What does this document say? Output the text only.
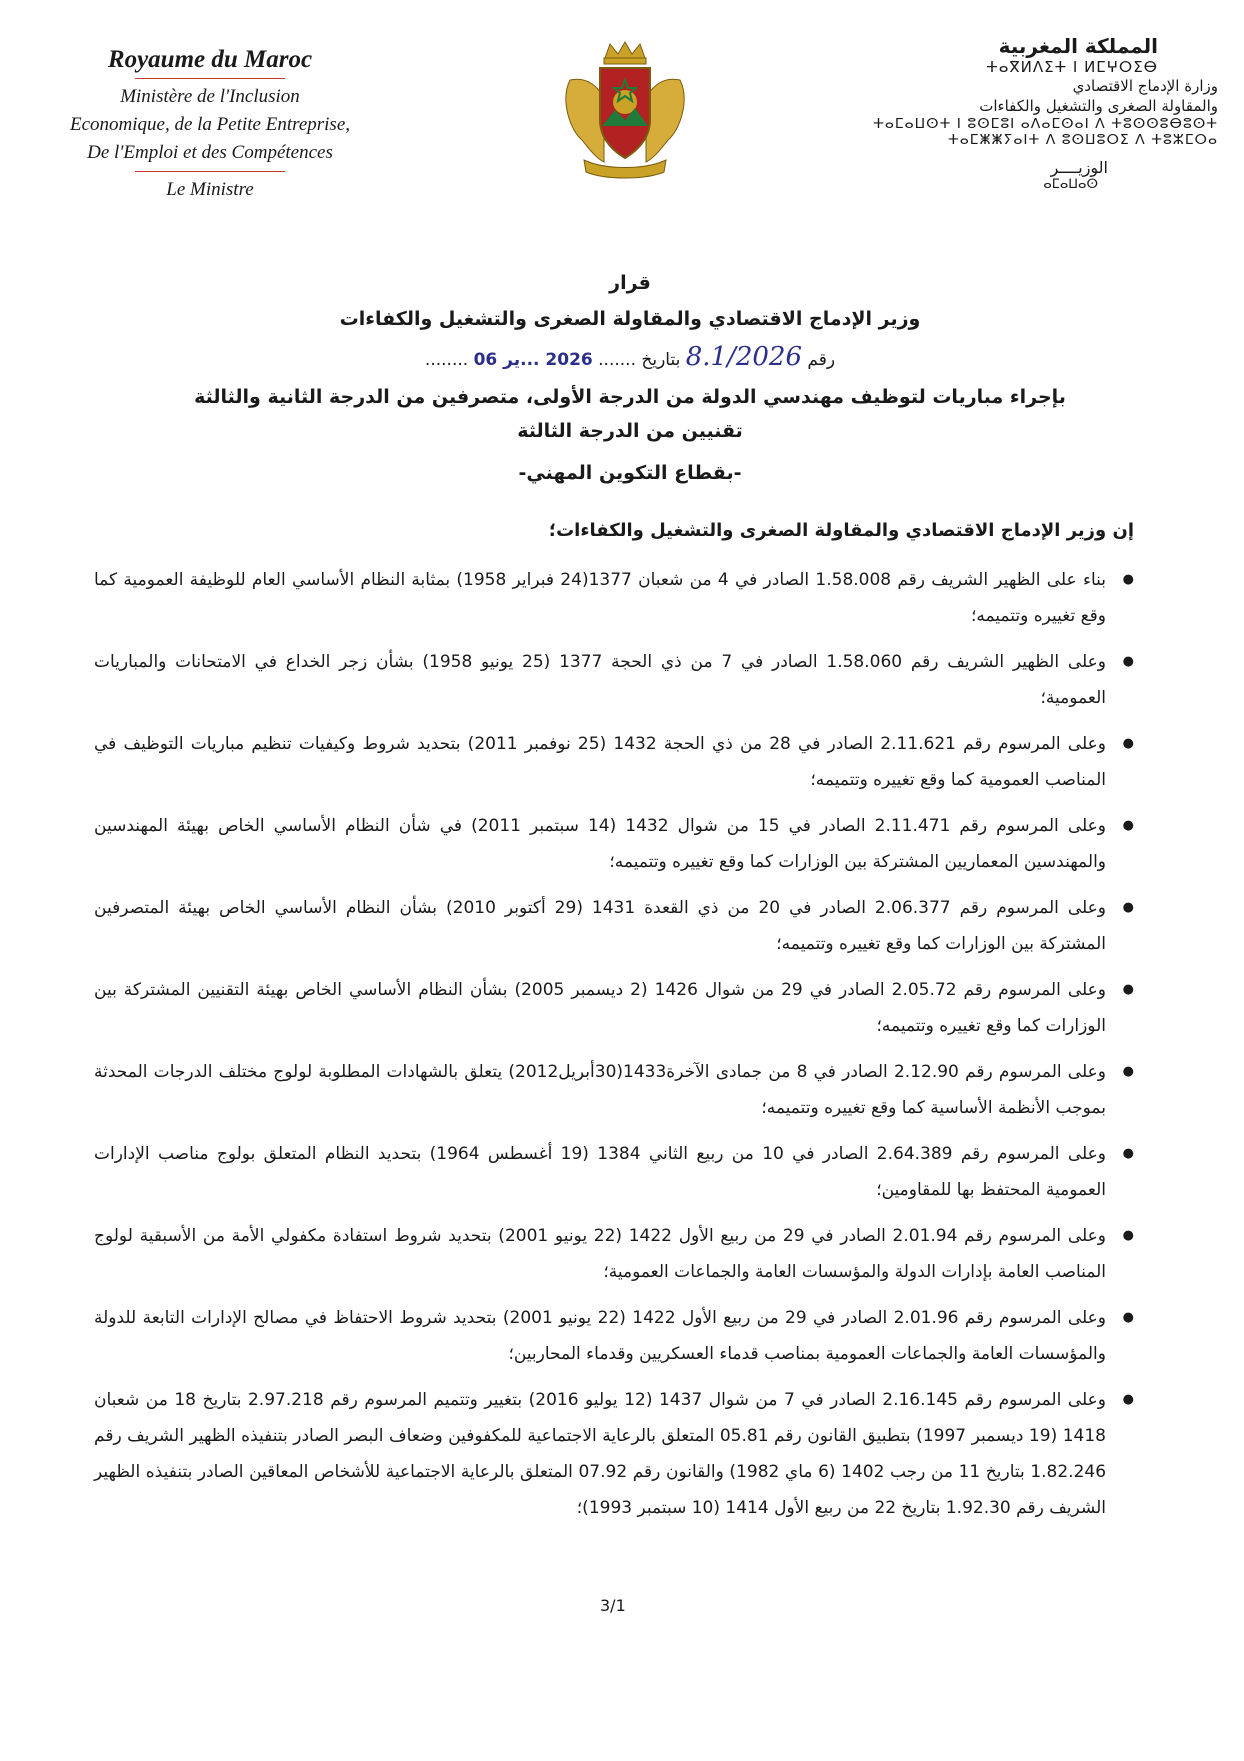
Royaume du Maroc
Ministère de l'Inclusion
Economique, de la Petite Entreprise,
De l'Emploi et des Compétences
Le Ministre
المملكة المغربية
ⵜⴰⴳⵍⴷⵉⵜ ⵏ ⵍⵎⵖⵔⵉⴱ
وزارة الإدماج الاقتصادي
والمقاولة الصغرى والتشغيل والكفاءات
ⵜⴰⵎⴰⵡⵙⵜ ⵏ ⵓⵙⵎⵓⵏ ⴰⴷⴰⵎⵙⴰⵏ ⴷ ⵜⵓⵙⵙⵓⴱⵓⵙⵜ
ⵜⴰⵎⵥⵥⵢⴰⵏⵜ ⴷ ⵓⵙⵡⵓⵔⵉ ⴷ ⵜⵓⵣⵎⵔⴰ
الوزيــــر
ⴰⵎⴰⵡⴰⵙ
قرار
وزير الإدماج الاقتصادي والمقاولة الصغرى والتشغيل والكفاءات
رقم 8.1/2026 بتاريخ ....... 2026 ...ير 06 ........
بإجراء مباريات لتوظيف مهندسي الدولة من الدرجة الأولى، متصرفين من الدرجة الثانية والثالثة
تقنيين من الدرجة الثالثة
-بقطاع التكوين المهني-
إن وزير الإدماج الاقتصادي والمقاولة الصغرى والتشغيل والكفاءات؛
● بناء على الظهير الشريف رقم 1.58.008 الصادر في 4 من شعبان 1377(24 فبراير 1958) بمثابة النظام الأساسي العام للوظيفة العمومية كما وقع تغييره وتتميمه؛
● وعلى الظهير الشريف رقم 1.58.060 الصادر في 7 من ذي الحجة 1377 (25 يونيو 1958) بشأن زجر الخداع في الامتحانات والمباريات العمومية؛
● وعلى المرسوم رقم 2.11.621 الصادر في 28 من ذي الحجة 1432 (25 نوفمبر 2011) بتحديد شروط وكيفيات تنظيم مباريات التوظيف في المناصب العمومية كما وقع تغييره وتتميمه؛
● وعلى المرسوم رقم 2.11.471 الصادر في 15 من شوال 1432 (14 سبتمبر 2011) في شأن النظام الأساسي الخاص بهيئة المهندسين والمهندسين المعماريين المشتركة بين الوزارات كما وقع تغييره وتتميمه؛
● وعلى المرسوم رقم 2.06.377 الصادر في 20 من ذي القعدة 1431 (29 أكتوبر 2010) بشأن النظام الأساسي الخاص بهيئة المتصرفين المشتركة بين الوزارات كما وقع تغييره وتتميمه؛
● وعلى المرسوم رقم 2.05.72 الصادر في 29 من شوال 1426 (2 ديسمبر 2005) بشأن النظام الأساسي الخاص بهيئة التقنيين المشتركة بين الوزارات كما وقع تغييره وتتميمه؛
● وعلى المرسوم رقم 2.12.90 الصادر في 8 من جمادى الآخرة1433(30أبريل2012) يتعلق بالشهادات المطلوبة لولوج مختلف الدرجات المحدثة بموجب الأنظمة الأساسية كما وقع تغييره وتتميمه؛
● وعلى المرسوم رقم 2.64.389 الصادر في 10 من ربيع الثاني 1384 (19 أغسطس 1964) بتحديد النظام المتعلق بولوج مناصب الإدارات العمومية المحتفظ بها للمقاومين؛
● وعلى المرسوم رقم 2.01.94 الصادر في 29 من ربيع الأول 1422 (22 يونيو 2001) بتحديد شروط استفادة مكفولي الأمة من الأسبقية لولوج المناصب العامة بإدارات الدولة والمؤسسات العامة والجماعات العمومية؛
● وعلى المرسوم رقم 2.01.96 الصادر في 29 من ربيع الأول 1422 (22 يونيو 2001) بتحديد شروط الاحتفاظ في مصالح الإدارات التابعة للدولة والمؤسسات العامة والجماعات العمومية بمناصب قدماء العسكريين وقدماء المحاربين؛
● وعلى المرسوم رقم 2.16.145 الصادر في 7 من شوال 1437 (12 يوليو 2016) بتغيير وتتميم المرسوم رقم 2.97.218 بتاريخ 18 من شعبان 1418 (19 ديسمبر 1997) بتطبيق القانون رقم 05.81 المتعلق بالرعاية الاجتماعية للمكفوفين وضعاف البصر الصادر بتنفيذه الظهير الشريف رقم 1.82.246 بتاريخ 11 من رجب 1402 (6 ماي 1982) والقانون رقم 07.92 المتعلق بالرعاية الاجتماعية للأشخاص المعاقين الصادر بتنفيذه الظهير الشريف رقم 1.92.30 بتاريخ 22 من ربيع الأول 1414 (10 سبتمبر 1993)؛
3/1
